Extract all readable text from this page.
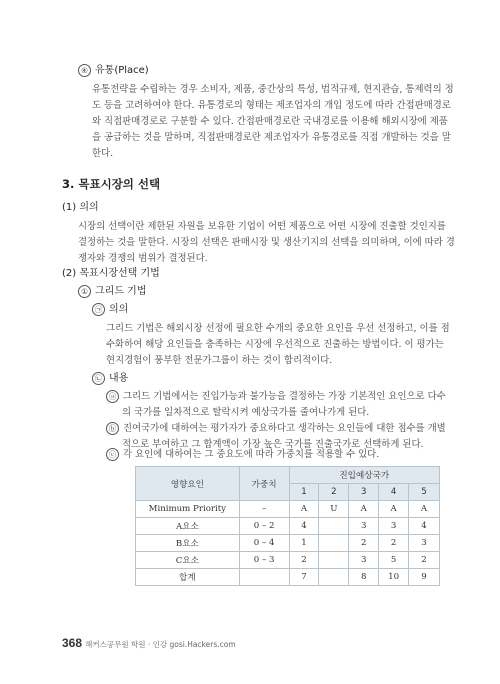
④ 유통(Place)
유통전략을 수립하는 경우 소비자, 제품, 중간상의 특성, 법적규제, 현지관습, 통제력의 정
도 등을 고려하여야 한다. 유통경로의 형태는 제조업자의 개입 정도에 따라 간접판매경로
와 직접판매경로로 구분할 수 있다. 간접판매경로란 국내경로를 이용해 해외시장에 제품
을 공급하는 것을 말하며, 직접판매경로란 제조업자가 유통경로를 직접 개발하는 것을 말
한다.
3. 목표시장의 선택
(1) 의의
시장의 선택이란 제한된 자원을 보유한 기업이 어떤 제품으로 어떤 시장에 진출할 것인지를
결정하는 것을 말한다. 시장의 선택은 판매시장 및 생산기지의 선택을 의미하며, 이에 따라 경
쟁자와 경쟁의 범위가 결정된다.
(2) 목표시장선택 기법
① 그리드 기법
㉠ 의의
그리드 기법은 해외시장 선정에 필요한 수개의 중요한 요인을 우선 선정하고, 이를 점
수화하여 해당 요인들을 충족하는 시장에 우선적으로 진출하는 방법이다. 이 평가는
현지경험이 풍부한 전문가그룹이 하는 것이 합리적이다.
㉡ 내용
ⓐ 그리드 기법에서는 진입가능과 불가능을 결정하는 가장 기본적인 요인으로 다수
의 국가를 일차적으로 탈락시켜 예상국가를 줄여나가게 된다.
ⓑ 진여국가에 대하여는 평가자가 중요하다고 생각하는 요인들에 대한 점수를 개별
적으로 부여하고 그 합계액이 가장 높은 국가를 진출국가로 선택하게 된다.
ⓒ 각 요인에 대하여는 그 중요도에 따라 가중치를 적용할 수 있다.
영향요인	가중치	진입예상국가				
		1	2	3	4	5
Minimum Priority	–	A	U	A	A	A
A요소	0 – 2	4		3	3	4
B요소	0 – 4	1		2	2	3
C요소	0 – 3	2		3	5	2
합계		7		8	10	9
368 해커스공무원 학원 · 인강 gosi.Hackers.com
